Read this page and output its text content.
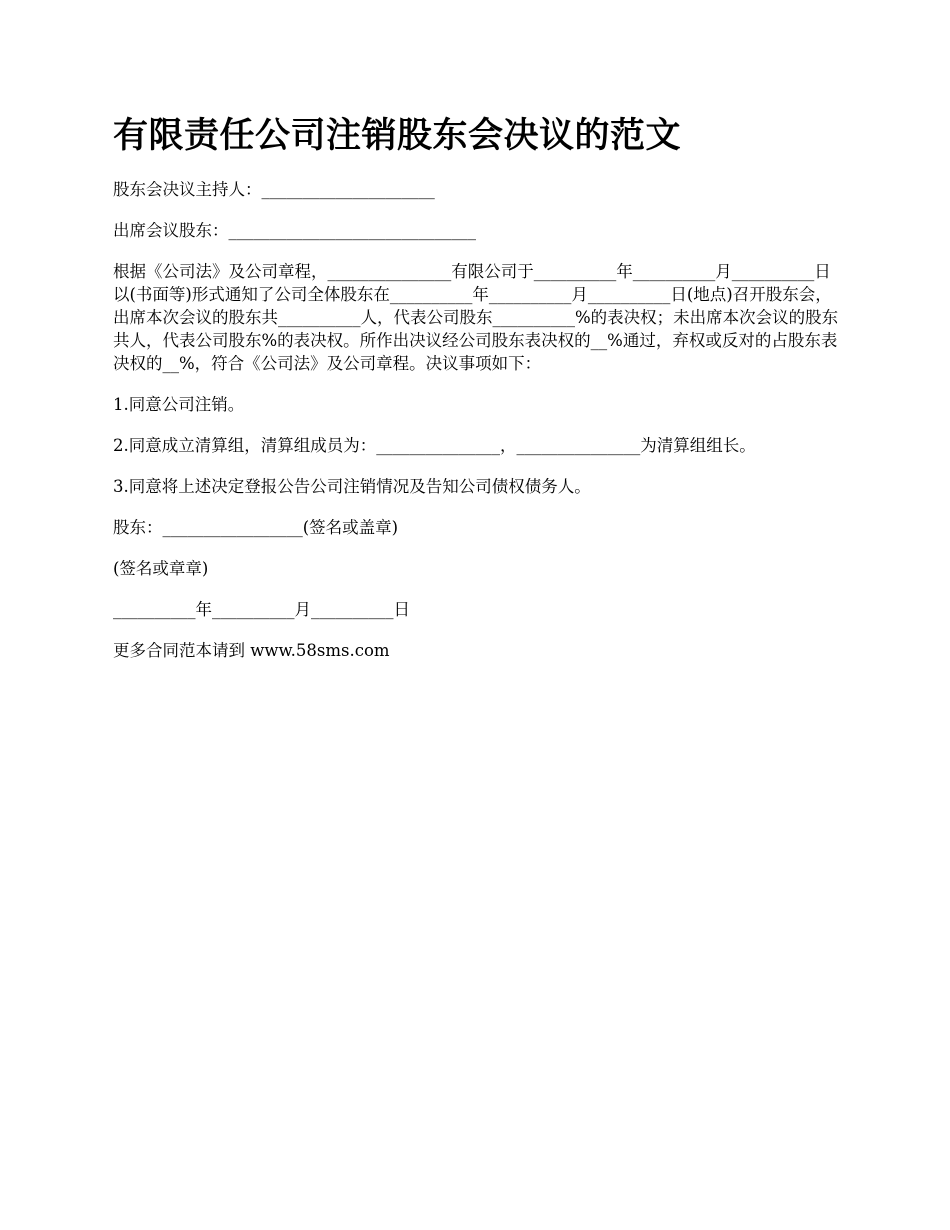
有限责任公司注销股东会决议的范文

股东会决议主持人：_____________________

出席会议股东：______________________________

根据《公司法》及公司章程，_______________有限公司于__________年__________月__________日以(书面等)形式通知了公司全体股东在__________年__________月__________日(地点)召开股东会，出席本次会议的股东共__________人，代表公司股东__________%的表决权；未出席本次会议的股东共人，代表公司股东%的表决权。所作出决议经公司股东表决权的__%通过，弃权或反对的占股东表决权的__%，符合《公司法》及公司章程。决议事项如下：

1.同意公司注销。

2.同意成立清算组，清算组成员为：_______________，_______________为清算组组长。

3.同意将上述决定登报公告公司注销情况及告知公司债权债务人。

股东：_________________(签名或盖章)

(签名或章章)

__________年__________月__________日

更多合同范本请到 www.58sms.com
